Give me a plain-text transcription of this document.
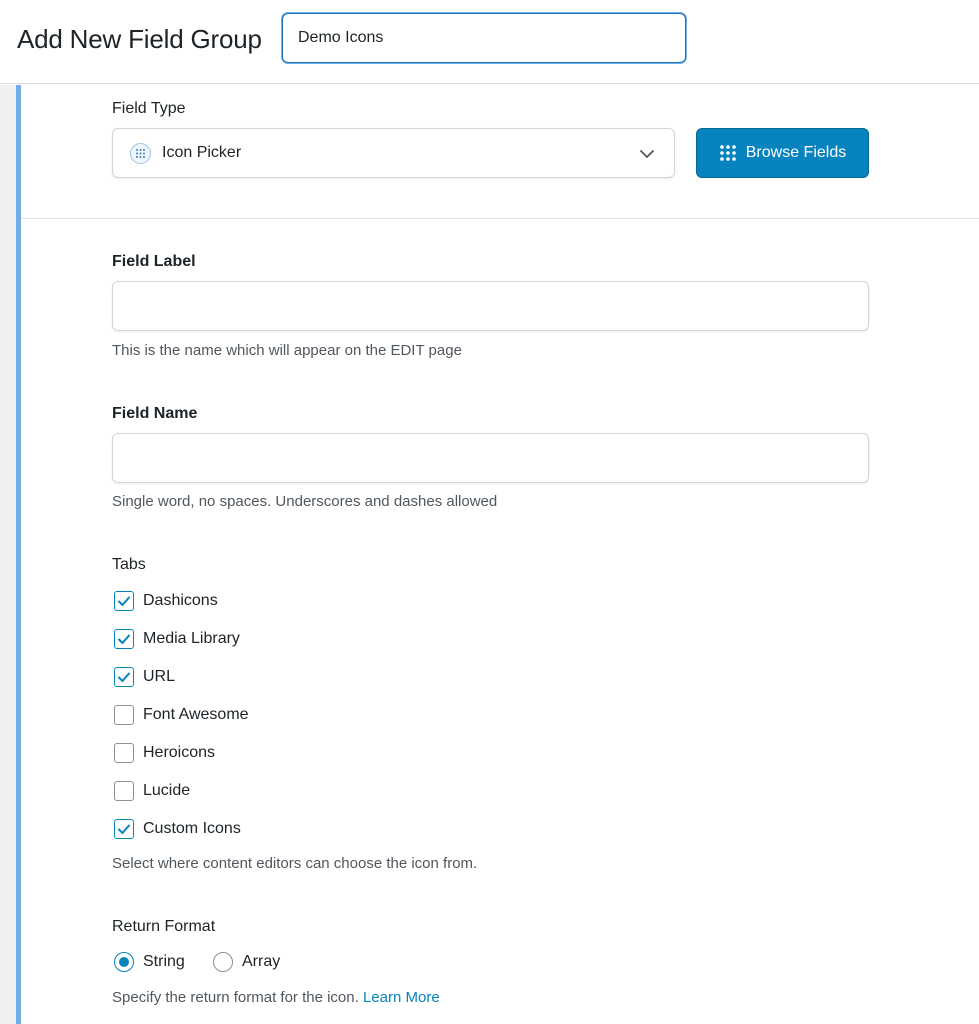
Add New Field Group
Demo Icons
Field Type
Icon Picker	Browse Fields
Field Label
This is the name which will appear on the EDIT page
Field Name
Single word, no spaces. Underscores and dashes allowed
Tabs
Dashicons
Media Library
URL
Font Awesome
Heroicons
Lucide
Custom Icons
Select where content editors can choose the icon from.
Return Format
String	Array
Specify the return format for the icon. Learn More
